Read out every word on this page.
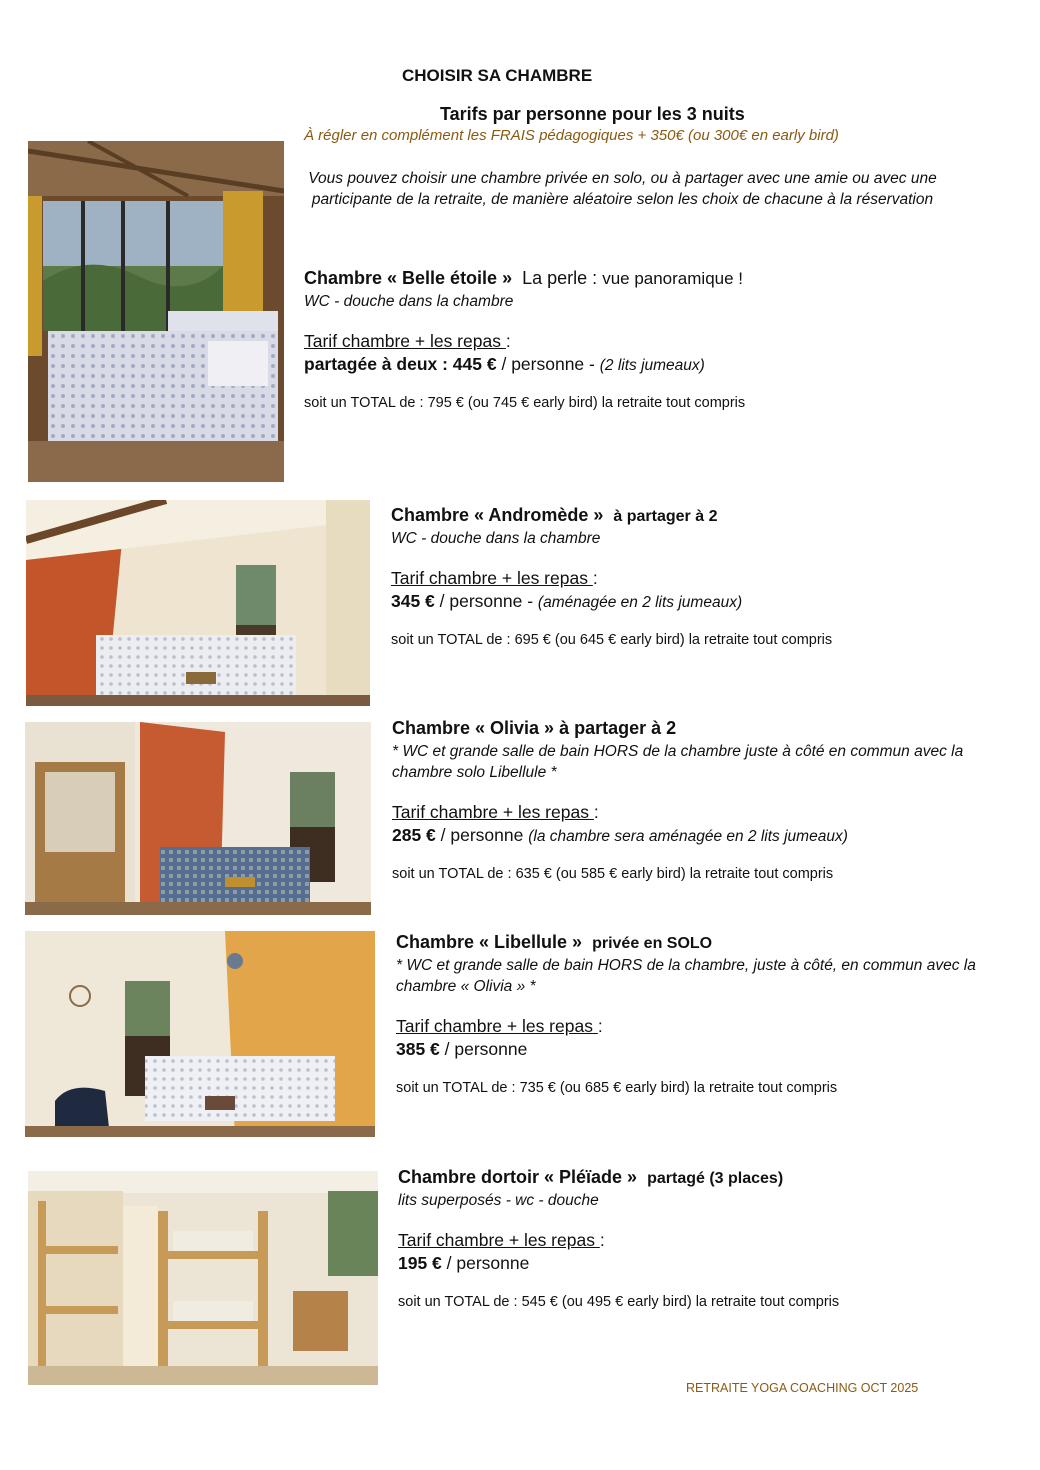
CHOISIR SA CHAMBRE
Tarifs par personne pour les 3 nuits
À régler en complément les FRAIS pédagogiques + 350€ (ou 300€ en early bird)
Vous pouvez choisir une chambre privée en solo, ou à partager avec une amie ou avec une participante de la retraite, de manière aléatoire selon les choix de chacune à la réservation
Chambre « Belle étoile » La perle : vue panoramique !
WC - douche dans la chambre
Tarif chambre + les repas :
partagée à deux : 445 € / personne - (2 lits jumeaux)
soit un TOTAL de : 795 € (ou 745 € early bird) la retraite tout compris
Chambre « Andromède » à partager à 2
WC - douche dans la chambre
Tarif chambre + les repas :
345 € / personne - (aménagée en 2 lits jumeaux)
soit un TOTAL de : 695 € (ou 645 € early bird) la retraite tout compris
Chambre « Olivia » à partager à 2
* WC et grande salle de bain HORS de la chambre juste à côté en commun avec la chambre solo Libellule *
Tarif chambre + les repas :
285 € / personne (la chambre sera aménagée en 2 lits jumeaux)
soit un TOTAL de : 635 € (ou 585 € early bird) la retraite tout compris
Chambre « Libellule » privée en SOLO
* WC et grande salle de bain HORS de la chambre, juste à côté, en commun avec la chambre « Olivia » *
Tarif chambre + les repas :
385 € / personne
soit un TOTAL de : 735 € (ou 685 € early bird) la retraite tout compris
Chambre dortoir « Pléïade » partagé (3 places)
lits superposés - wc - douche
Tarif chambre + les repas :
195 € / personne
soit un TOTAL de : 545 € (ou 495 € early bird) la retraite tout compris
RETRAITE YOGA COACHING OCT 2025
